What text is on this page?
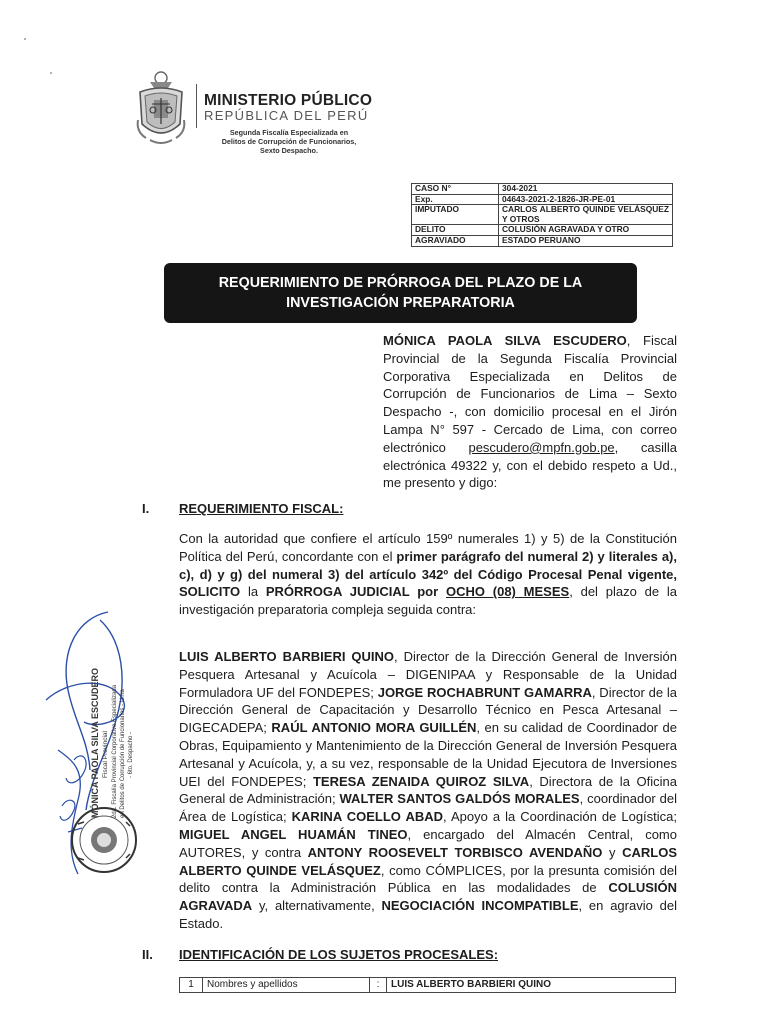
MINISTERIO PÚBLICO
REPÚBLICA DEL PERÚ
Segunda Fiscalía Especializada en
Delitos de Corrupción de Funcionarios,
Sexto Despacho.
CASO N°	304-2021
Exp.	04643-2021-2-1826-JR-PE-01
IMPUTADO	CARLOS ALBERTO QUINDE VELÁSQUEZ Y OTROS
DELITO	COLUSIÓN AGRAVADA Y OTRO
AGRAVIADO	ESTADO PERUANO
REQUERIMIENTO DE PRÓRROGA DEL PLAZO DE LA
INVESTIGACIÓN PREPARATORIA
MÓNICA PAOLA SILVA ESCUDERO, Fiscal Provincial de la Segunda Fiscalía Provincial Corporativa Especializada en Delitos de Corrupción de Funcionarios de Lima – Sexto Despacho -, con domicilio procesal en el Jirón Lampa N° 597 - Cercado de Lima, con correo electrónico pescudero@mpfn.gob.pe, casilla electrónica 49322 y, con el debido respeto a Ud., me presento y digo:
I. REQUERIMIENTO FISCAL:
Con la autoridad que confiere el artículo 159º numerales 1) y 5) de la Constitución Política del Perú, concordante con el primer parágrafo del numeral 2) y literales a), c), d) y g) del numeral 3) del artículo 342º del Código Procesal Penal vigente, SOLICITO la PRÓRROGA JUDICIAL por OCHO (08) MESES, del plazo de la investigación preparatoria compleja seguida contra:
LUIS ALBERTO BARBIERI QUINO, Director de la Dirección General de Inversión Pesquera Artesanal y Acuícola – DIGENIPAA y Responsable de la Unidad Formuladora UF del FONDEPES; JORGE ROCHABRUNT GAMARRA, Director de la Dirección General de Capacitación y Desarrollo Técnico en Pesca Artesanal – DIGECADEPA; RAÚL ANTONIO MORA GUILLÉN, en su calidad de Coordinador de Obras, Equipamiento y Mantenimiento de la Dirección General de Inversión Pesquera Artesanal y Acuícola, y, a su vez, responsable de la Unidad Ejecutora de Inversiones UEI del FONDEPES; TERESA ZENAIDA QUIROZ SILVA, Directora de la Oficina General de Administración; WALTER SANTOS GALDÓS MORALES, coordinador del Área de Logística; KARINA COELLO ABAD, Apoyo a la Coordinación de Logística; MIGUEL ANGEL HUAMÁN TINEO, encargado del Almacén Central, como AUTORES, y contra ANTONY ROOSEVELT TORBISCO AVENDAÑO y CARLOS ALBERTO QUINDE VELÁSQUEZ, como CÓMPLICES, por la presunta comisión del delito contra la Administración Pública en las modalidades de COLUSIÓN AGRAVADA y, alternativamente, NEGOCIACIÓN INCOMPATIBLE, en agravio del Estado.
II. IDENTIFICACIÓN DE LOS SUJETOS PROCESALES:
1	Nombres y apellidos	:	LUIS ALBERTO BARBIERI QUINO
MÓNICA PAOLA SILVA ESCUDERO Fiscal Provincial 2da. Fiscalía Provincial Corporativa Especializada en Delitos de Corrupción de Funcionarios - Lima - 6to. Despacho -
